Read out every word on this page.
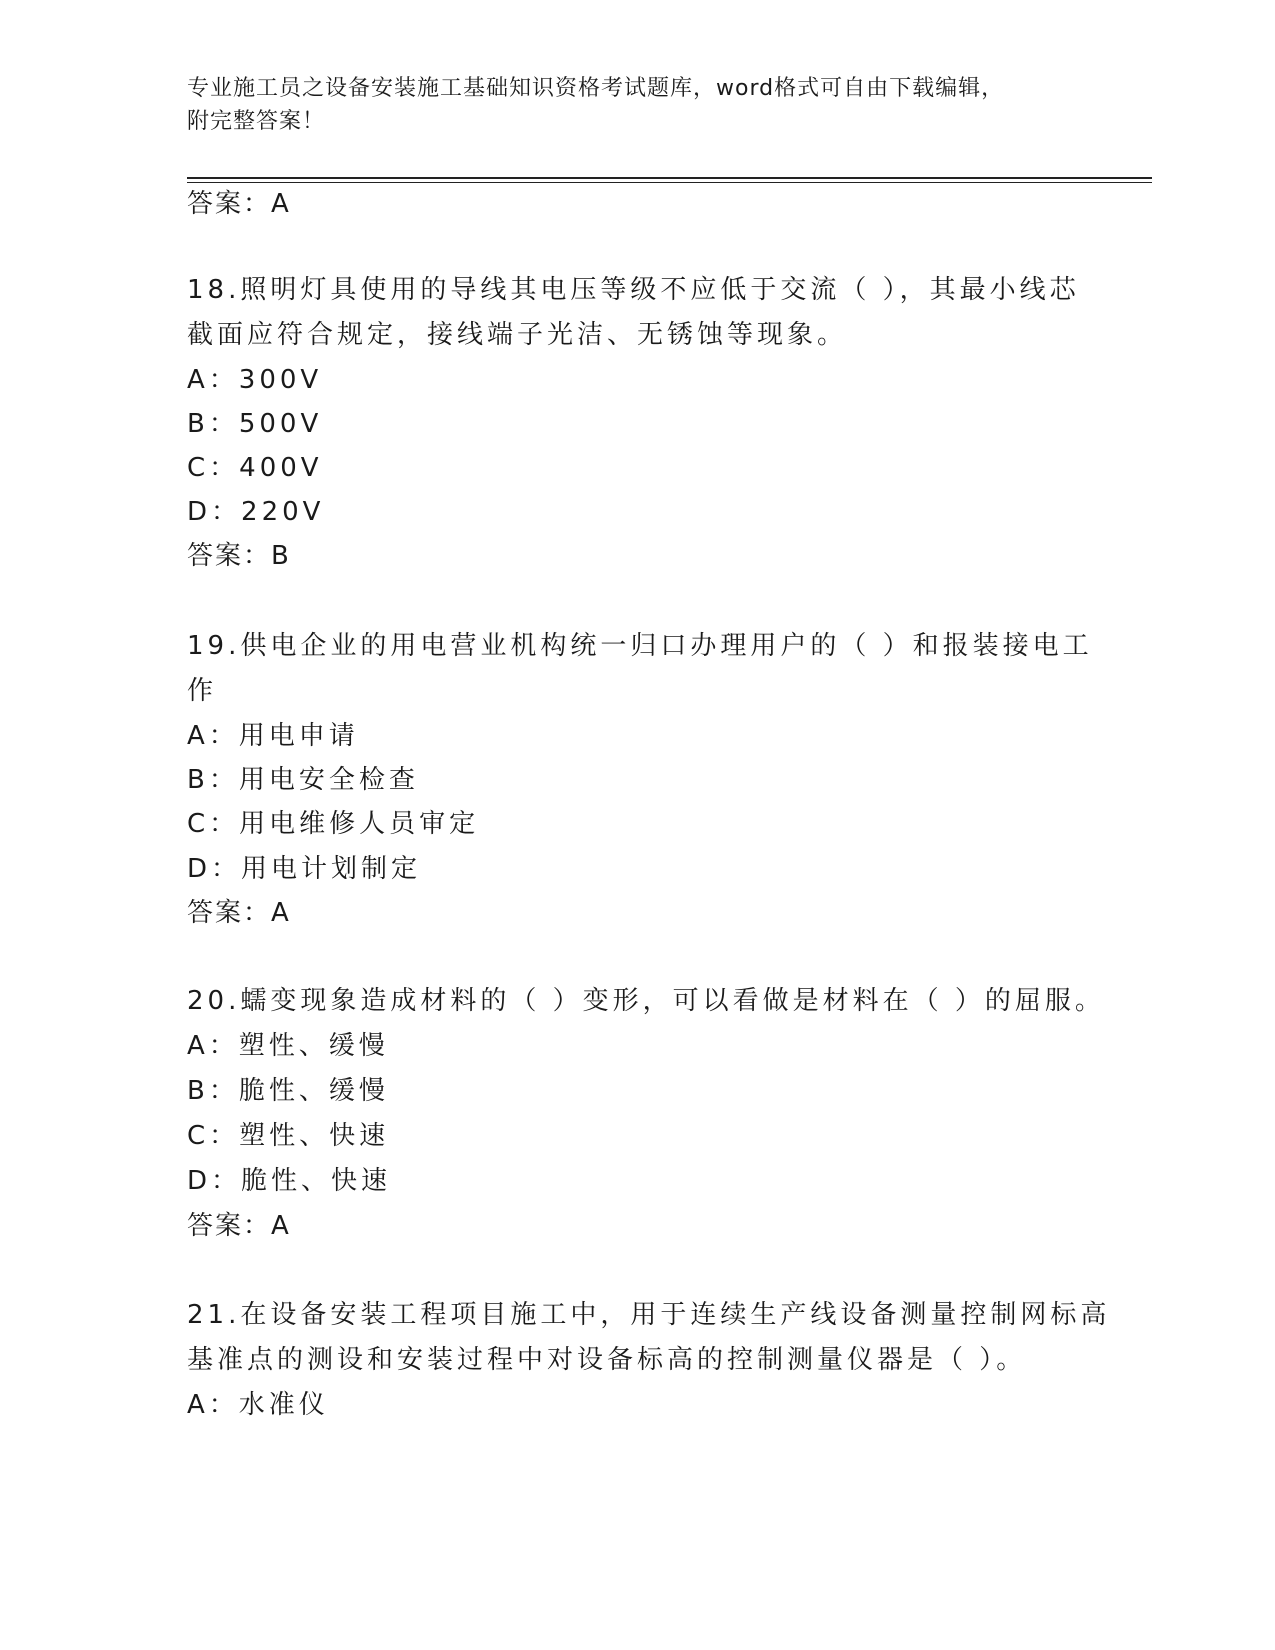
专业施工员之设备安装施工基础知识资格考试题库，word格式可自由下载编辑，
附完整答案！
答案：A
18.照明灯具使用的导线其电压等级不应低于交流（ ），其最小线芯
截面应符合规定，接线端子光洁、无锈蚀等现象。
A：300V
B：500V
C：400V
D：220V
答案：B
19.供电企业的用电营业机构统一归口办理用户的（ ）和报装接电工
作
A：用电申请
B：用电安全检查
C：用电维修人员审定
D：用电计划制定
答案：A
20.蠕变现象造成材料的（ ）变形，可以看做是材料在（ ）的屈服。
A：塑性、缓慢
B：脆性、缓慢
C：塑性、快速
D：脆性、快速
答案：A
21.在设备安装工程项目施工中，用于连续生产线设备测量控制网标高
基准点的测设和安装过程中对设备标高的控制测量仪器是（ ）。
A：水准仪
